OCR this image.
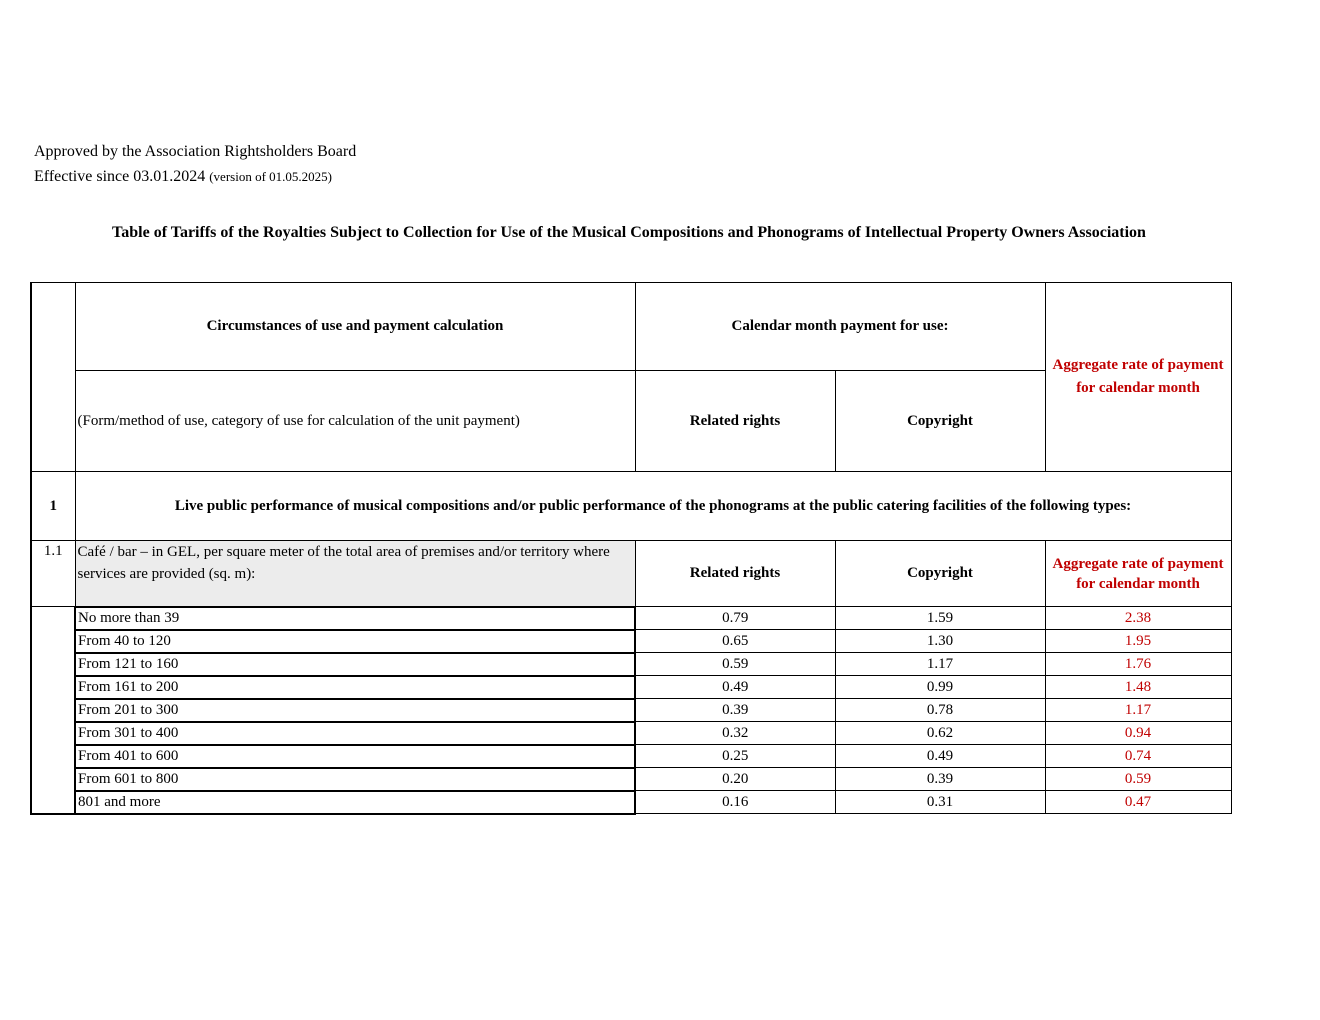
Approved by the Association Rightsholders Board
Effective since 03.01.2024 (version of 01.05.2025)
Table of Tariffs of the Royalties Subject to Collection for Use of the Musical Compositions and Phonograms of Intellectual Property Owners Association
	Circumstances of use and payment calculation	Calendar month payment for use:		Aggregate rate of payment for calendar month
	(Form/method of use, category of use for calculation of the unit payment)	Related rights	Copyright	
1	Live public performance of musical compositions and/or public performance of the phonograms at the public catering facilities of the following types:			
1.1	Café / bar – in GEL, per square meter of the total area of premises and/or territory where services are provided (sq. m):	Related rights	Copyright	Aggregate rate of payment for calendar month
	No more than 39	0.79	1.59	2.38
	From 40 to 120	0.65	1.30	1.95
	From 121 to 160	0.59	1.17	1.76
	From 161 to 200	0.49	0.99	1.48
	From 201 to 300	0.39	0.78	1.17
	From 301 to 400	0.32	0.62	0.94
	From 401 to 600	0.25	0.49	0.74
	From 601 to 800	0.20	0.39	0.59
	801 and more	0.16	0.31	0.47
